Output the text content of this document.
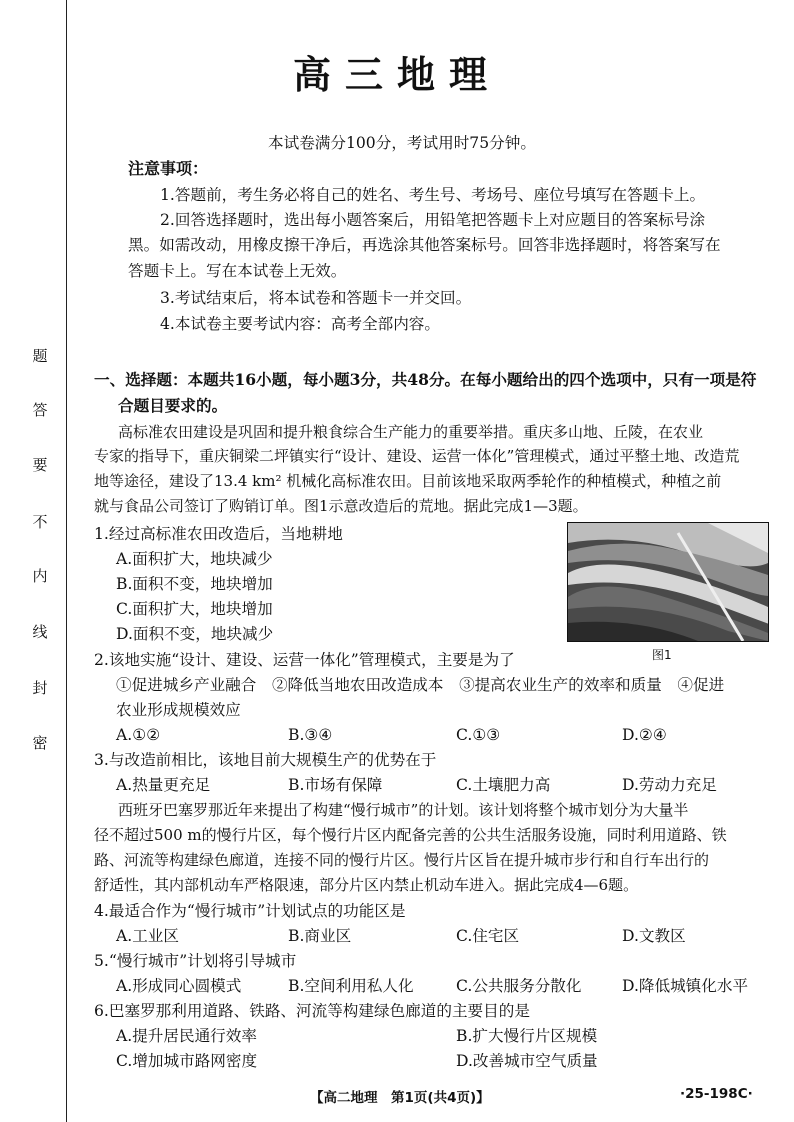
题
答
要
不
内
线
封
密
高三地理
本试卷满分100分，考试用时75分钟。
注意事项：
1.答题前，考生务必将自己的姓名、考生号、考场号、座位号填写在答题卡上。
2.回答选择题时，选出每小题答案后，用铅笔把答题卡上对应题目的答案标号涂
黑。如需改动，用橡皮擦干净后，再选涂其他答案标号。回答非选择题时，将答案写在
答题卡上。写在本试卷上无效。
3.考试结束后，将本试卷和答题卡一并交回。
4.本试卷主要考试内容：高考全部内容。
一、选择题：本题共16小题，每小题3分，共48分。在每小题给出的四个选项中，只有一项是符
合题目要求的。
高标准农田建设是巩固和提升粮食综合生产能力的重要举措。重庆多山地、丘陵，在农业
专家的指导下，重庆铜梁二坪镇实行“设计、建设、运营一体化”管理模式，通过平整土地、改造荒
地等途径，建设了13.4 km² 机械化高标准农田。目前该地采取两季轮作的种植模式，种植之前
就与食品公司签订了购销订单。图1示意改造后的荒地。据此完成1—3题。
1.经过高标准农田改造后，当地耕地
A.面积扩大，地块减少
B.面积不变，地块增加
C.面积扩大，地块增加
D.面积不变，地块减少
图1
2.该地实施“设计、建设、运营一体化”管理模式，主要是为了
①促进城乡产业融合　②降低当地农田改造成本　③提高农业生产的效率和质量　④促进
农业形成规模效应
A.①②	B.③④	C.①③	D.②④
3.与改造前相比，该地目前大规模生产的优势在于
A.热量更充足	B.市场有保障	C.土壤肥力高	D.劳动力充足
西班牙巴塞罗那近年来提出了构建“慢行城市”的计划。该计划将整个城市划分为大量半
径不超过500 m的慢行片区，每个慢行片区内配备完善的公共生活服务设施，同时利用道路、铁
路、河流等构建绿色廊道，连接不同的慢行片区。慢行片区旨在提升城市步行和自行车出行的
舒适性，其内部机动车严格限速，部分片区内禁止机动车进入。据此完成4—6题。
4.最适合作为“慢行城市”计划试点的功能区是
A.工业区	B.商业区	C.住宅区	D.文教区
5.“慢行城市”计划将引导城市
A.形成同心圆模式	B.空间利用私人化	C.公共服务分散化	D.降低城镇化水平
6.巴塞罗那利用道路、铁路、河流等构建绿色廊道的主要目的是
A.提升居民通行效率	B.扩大慢行片区规模
C.增加城市路网密度	D.改善城市空气质量
【高二地理　第1页(共4页)】	·25-198C·
